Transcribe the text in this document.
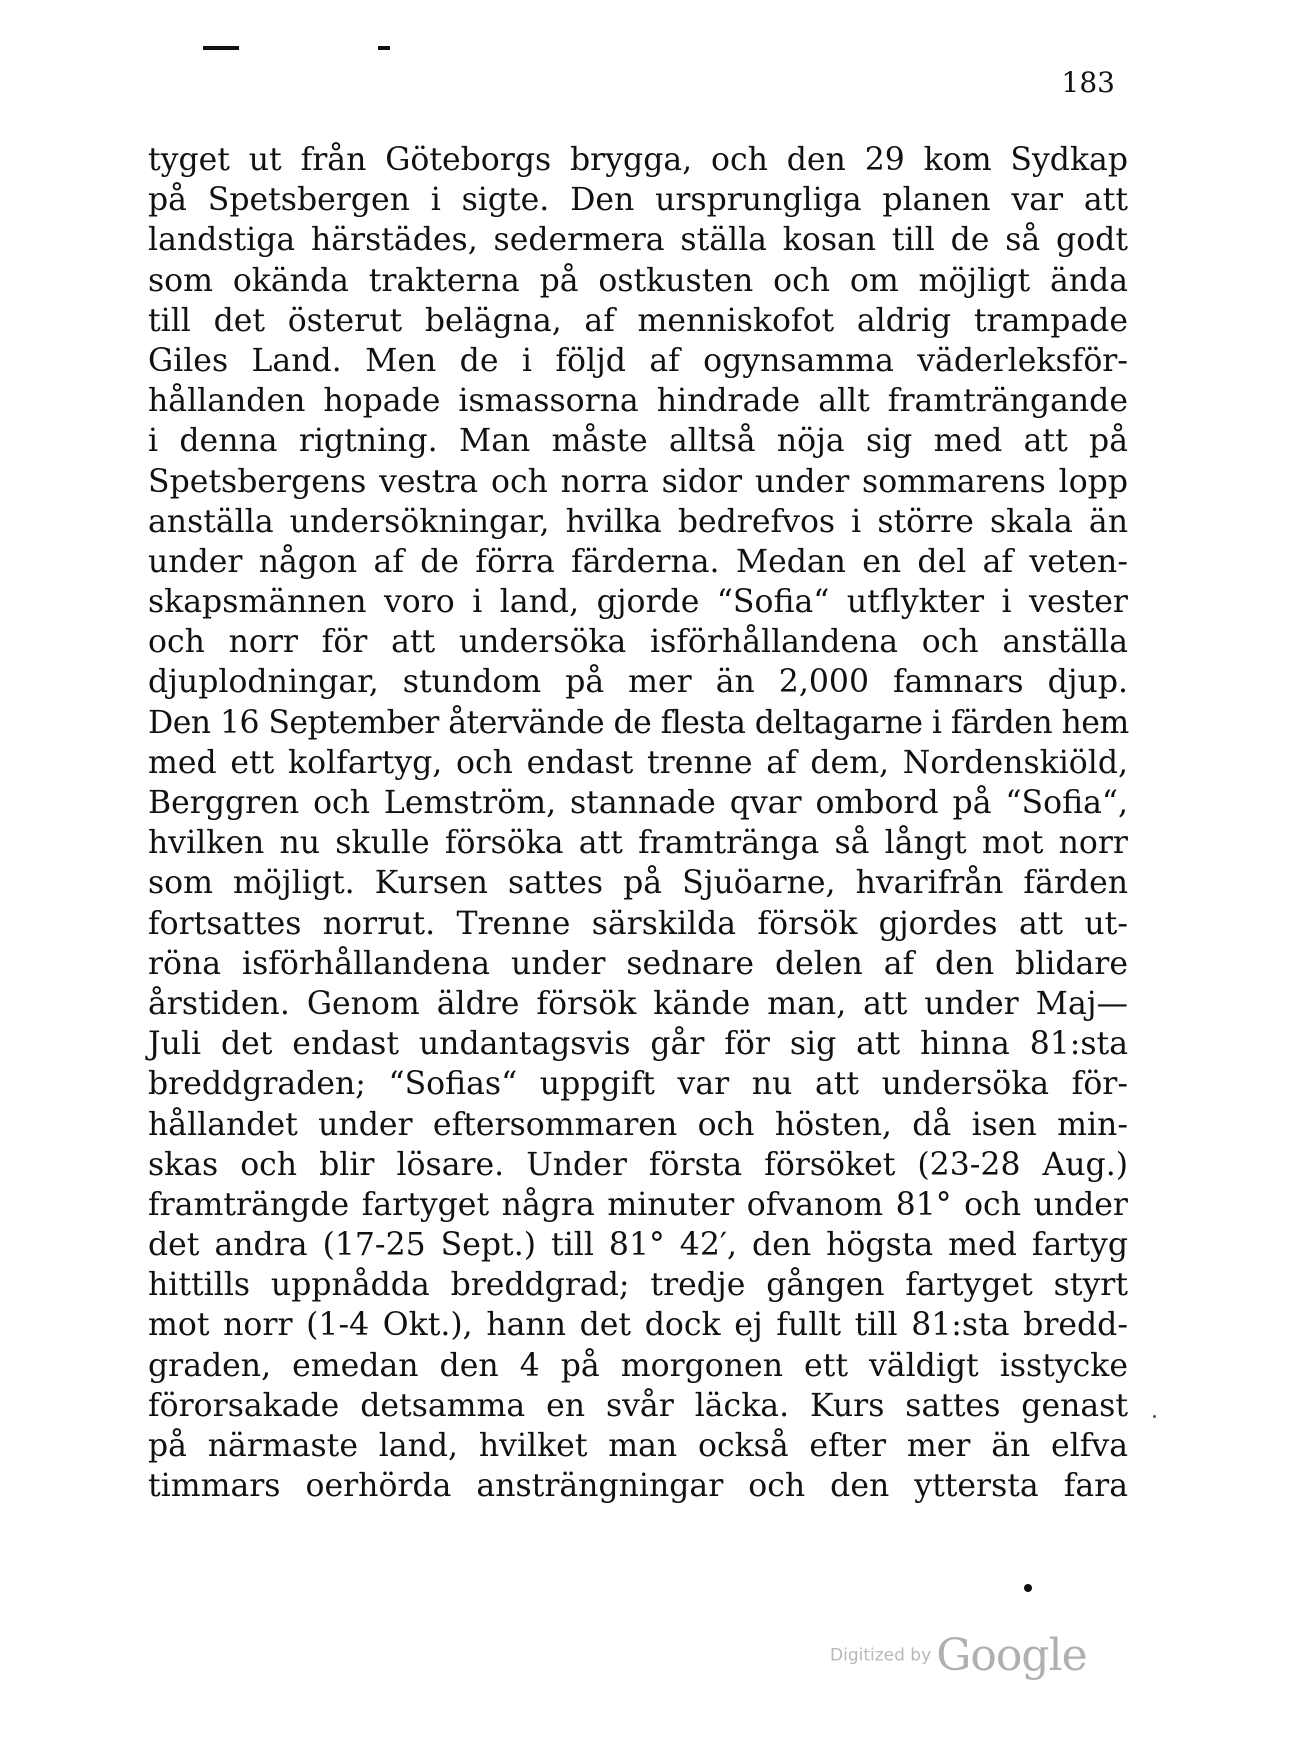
183
tyget ut från Göteborgs brygga, och den 29 kom Sydkap
på Spetsbergen i sigte. Den ursprungliga planen var att
landstiga härstädes, sedermera ställa kosan till de så godt
som okända trakterna på ostkusten och om möjligt ända
till det österut belägna, af menniskofot aldrig trampade
Giles Land. Men de i följd af ogynsamma väderleksför-
hållanden hopade ismassorna hindrade allt framträngande
i denna rigtning. Man måste alltså nöja sig med att på
Spetsbergens vestra och norra sidor under sommarens lopp
anställa undersökningar, hvilka bedrefvos i större skala än
under någon af de förra färderna. Medan en del af veten-
skapsmännen voro i land, gjorde “Sofia“ utflykter i vester
och norr för att undersöka isförhållandena och anställa
djuplodningar, stundom på mer än 2,000 famnars djup.
Den 16 September återvände de flesta deltagarne i färden hem
med ett kolfartyg, och endast trenne af dem, Nordenskiöld,
Berggren och Lemström, stannade qvar ombord på “Sofia“,
hvilken nu skulle försöka att framtränga så långt mot norr
som möjligt. Kursen sattes på Sjuöarne, hvarifrån färden
fortsattes norrut. Trenne särskilda försök gjordes att ut-
röna isförhållandena under sednare delen af den blidare
årstiden. Genom äldre försök kände man, att under Maj—
Juli det endast undantagsvis går för sig att hinna 81:sta
breddgraden; “Sofias“ uppgift var nu att undersöka för-
hållandet under eftersommaren och hösten, då isen min-
skas och blir lösare. Under första försöket (23-28 Aug.)
framträngde fartyget några minuter ofvanom 81° och under
det andra (17-25 Sept.) till 81° 42′, den högsta med fartyg
hittills uppnådda breddgrad; tredje gången fartyget styrt
mot norr (1-4 Okt.), hann det dock ej fullt till 81:sta bredd-
graden, emedan den 4 på morgonen ett väldigt isstycke
förorsakade detsamma en svår läcka. Kurs sattes genast
på närmaste land, hvilket man också efter mer än elfva
timmars oerhörda ansträngningar och den yttersta fara
Digitized by Google
